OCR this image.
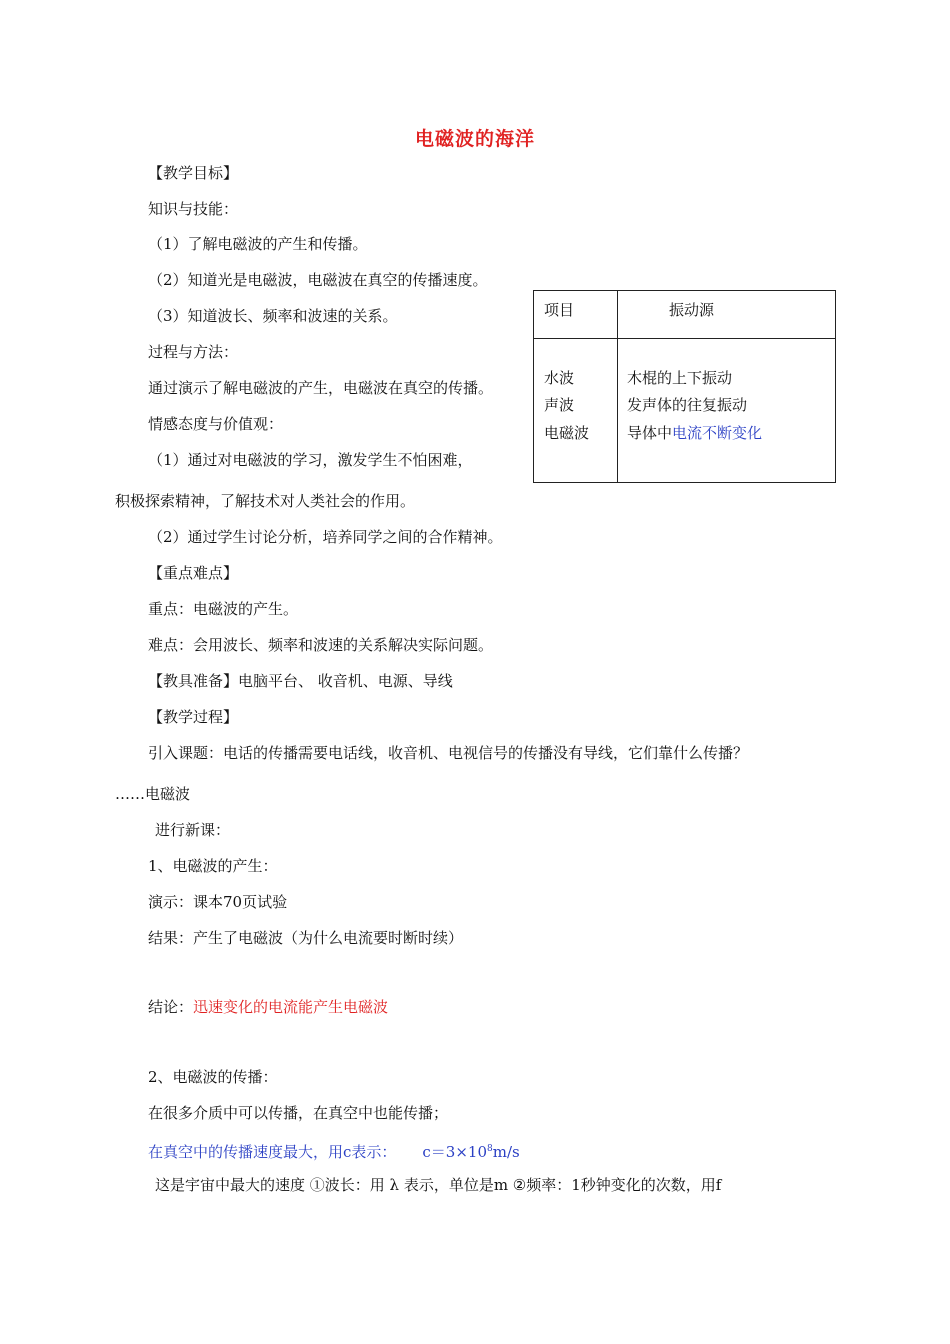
电磁波的海洋
【教学目标】
知识与技能：
（1）了解电磁波的产生和传播。
（2）知道光是电磁波，电磁波在真空的传播速度。
（3）知道波长、频率和波速的关系。
过程与方法：
通过演示了解电磁波的产生，电磁波在真空的传播。
情感态度与价值观：
（1）通过对电磁波的学习，激发学生不怕困难，
积极探索精神，了解技术对人类社会的作用。
（2）通过学生讨论分析，培养同学之间的合作精神。
【重点难点】
重点：电磁波的产生。
难点：会用波长、频率和波速的关系解决实际问题。
【教具准备】电脑平台、 收音机、电源、导线
【教学过程】
引入课题：电话的传播需要电话线，收音机、电视信号的传播没有导线，它们靠什么传播？
……电磁波
进行新课：
1、电磁波的产生：
演示：课本70页试验
结果：产生了电磁波（为什么电流要时断时续）
结论：迅速变化的电流能产生电磁波
2、电磁波的传播：
在很多介质中可以传播，在真空中也能传播；
在真空中的传播速度最大，用c表示： $c=3\times 10^8m/s$
这是宇宙中最大的速度 ①波长：用 λ 表示，单位是m ②频率：1秒钟变化的次数，用f
项目	振动源
水波	木棍的上下振动
声波	发声体的往复振动
电磁波	导体中电流不断变化
